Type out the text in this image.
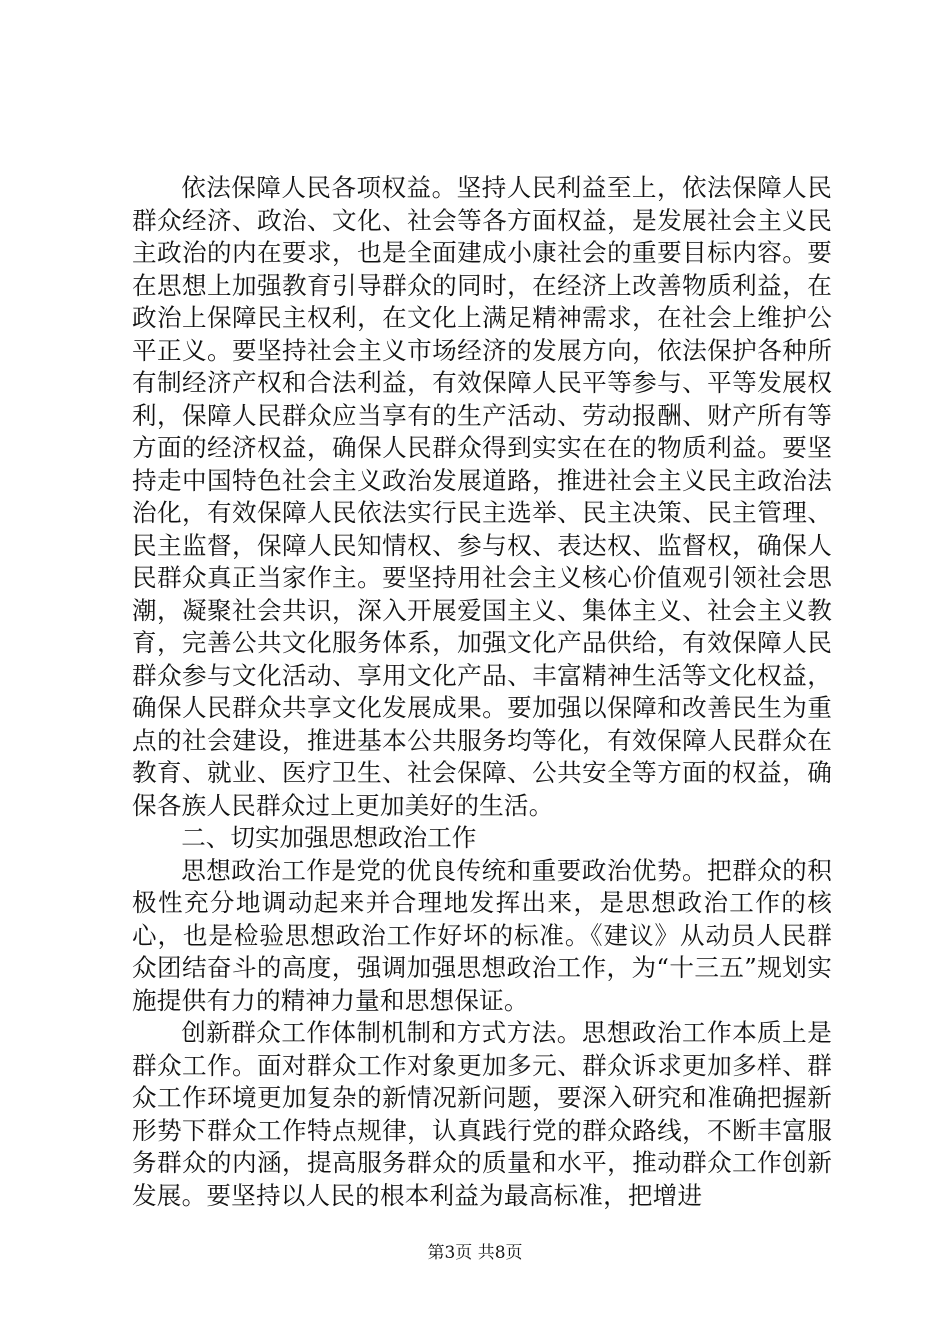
依法保障人民各项权益。坚持人民利益至上，依法保障人民群众经济、政治、文化、社会等各方面权益，是发展社会主义民主政治的内在要求，也是全面建成小康社会的重要目标内容。要在思想上加强教育引导群众的同时，在经济上改善物质利益，在政治上保障民主权利，在文化上满足精神需求，在社会上维护公平正义。要坚持社会主义市场经济的发展方向，依法保护各种所有制经济产权和合法利益，有效保障人民平等参与、平等发展权利，保障人民群众应当享有的生产活动、劳动报酬、财产所有等方面的经济权益，确保人民群众得到实实在在的物质利益。要坚持走中国特色社会主义政治发展道路，推进社会主义民主政治法治化，有效保障人民依法实行民主选举、民主决策、民主管理、民主监督，保障人民知情权、参与权、表达权、监督权，确保人民群众真正当家作主。要坚持用社会主义核心价值观引领社会思潮，凝聚社会共识，深入开展爱国主义、集体主义、社会主义教育，完善公共文化服务体系，加强文化产品供给，有效保障人民群众参与文化活动、享用文化产品、丰富精神生活等文化权益，确保人民群众共享文化发展成果。要加强以保障和改善民生为重点的社会建设，推进基本公共服务均等化，有效保障人民群众在教育、就业、医疗卫生、社会保障、公共安全等方面的权益，确保各族人民群众过上更加美好的生活。

二、切实加强思想政治工作

思想政治工作是党的优良传统和重要政治优势。把群众的积极性充分地调动起来并合理地发挥出来，是思想政治工作的核心，也是检验思想政治工作好坏的标准。《建议》从动员人民群众团结奋斗的高度，强调加强思想政治工作，为“十三五”规划实施提供有力的精神力量和思想保证。

创新群众工作体制机制和方式方法。思想政治工作本质上是群众工作。面对群众工作对象更加多元、群众诉求更加多样、群众工作环境更加复杂的新情况新问题，要深入研究和准确把握新形势下群众工作特点规律，认真践行党的群众路线，不断丰富服务群众的内涵，提高服务群众的质量和水平，推动群众工作创新发展。要坚持以人民的根本利益为最高标准，把增进

第3页 共8页
